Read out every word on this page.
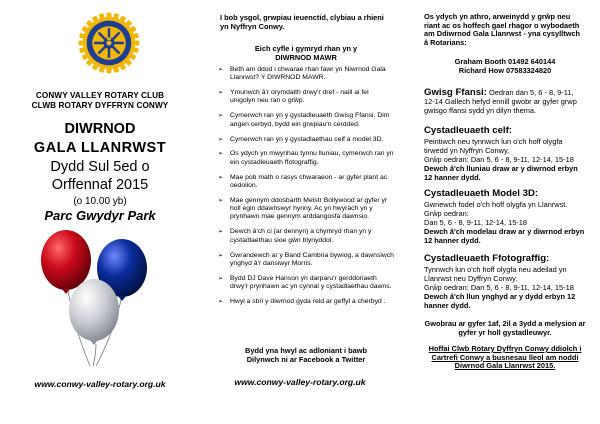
CONWY VALLEY ROTARY CLUB
CLWB ROTARY DYFFRYN CONWY
DIWRNOD
GALA LLANRWST
Dydd Sul 5ed o
Orffennaf 2015
(o 10.00 yb)
Parc Gwydyr Park
www.conwy-valley-rotary.org.uk
I bob ysgol, grwpiau ieuenctid, clybiau a rhieni yn Nyffryn Conwy.
Eich cyfle i gymryd rhan yn y
DIWRNOD MAWR
➢ Beth am ddod i chwarae rhan fawr yn Niwrnod Gala Llanrwst? Y DIWRNOD MAWR.
➢ Ymunwch â'r orymdaith drwy'r dref - naill ai fel unigolyn neu ran o grŵp.
➢ Cymerwch ran yn y gystadleuaeth Gwisg Ffansi. Dim angen cerbyd, bydd ein grwpiau'n cerdded.
➢ Cymerwch ran yn y gystadlaethau celf a model 3D.
➢ Os ydych yn mwynhau tynnu lluniau, cymerwch ran yn ein cystadleuaeth ffotograffig.
➢ Mae pob math o rasys chwaraeon - ar gyfer plant ac oedolion.
➢ Mae gennym ddosbarth Meistr Bollywood ar gyfer yr holl egin ddawnswyr hynny. Ac yn hwyrach yn y prynhawn mae gennym arddangosfa dawnsio.
➢ Dewch â'ch ci (ar dennyn) a chymryd rhan yn y cystadlaethau sioe gŵn blynyddol.
➢ Gwrandewch ar y Band Cambria bywiog, a dawnsiwch ynghyd â'r dansiwyr Morris.
➢ Bydd DJ Dave Hanson yn darparu'r gerddoriaeth drwy'r prynhawn ac yn cynnal y cystadlaethau dawns.
➢ Hwyl a sbri y diwrnod gyda reid ar geffyl a cherbyd .
Bydd yna hwyl ac adloniant i bawb
Dilynwch ni ar Facebook a Twitter
www.conwy-valley-rotary.org.uk

Os ydych yn athro, arweinydd y grŵp neu riant ac os hoffech gael rhagor o wybodaeth am Ddiwrnod Gala Llanrwst - yna cysylltwch â Rotarians:

Graham Booth 01492 640144

Richard How 07583324820

Gwisg Ffansi: Oedran dan 5, 6 - 8, 9-11, 12-14 Gallech hefyd ennill gwobr ar gyfer grwp gwisgo ffansi sydd yn dilyn thema.

Cystadleuaeth celf:

Peintiwch neu tynnwch lun o'ch hoff olygfa tirwedd yn Nyffryn Conwy.

Grŵp oedran: Dan 5, 6 - 8, 9-11, 12-14, 15-18

Dewch â'ch lluniau draw ar y diwrnod erbyn 12 hanner dydd.

Cystadleuaeth Model 3D:

Gwnewch fodel o'ch hoff olygfa yn Llanrwst.

Grŵp oedran:

Dan 5, 6 - 8, 9-11, 12-14, 15-18

Dewch â'ch modelau draw ar y diwrnod erbyn 12 hanner dydd.

Cystadleuaeth Ffotograffig:

Tynnwch lun o'ch hoff olygfa neu adeilad yn Llanrwst neu Dyffryn Conwy.

Grŵp oedran: Dan 5, 6 - 8, 9-11, 12-14, 15-18

Dewch â'ch llun ynghyd ar y dydd erbyn 12 hanner dydd.

Gwobrau ar gyfer 1af, 2il a 3ydd a melysion ar gyfer yr holl gystadleuwyr.

Hoffai Clwb Rotary Dyffryn Conwy ddiolch i Cartrefi Conwy a busnesau lleol am noddi Diwrnod Gala Llanrwst 2015.
